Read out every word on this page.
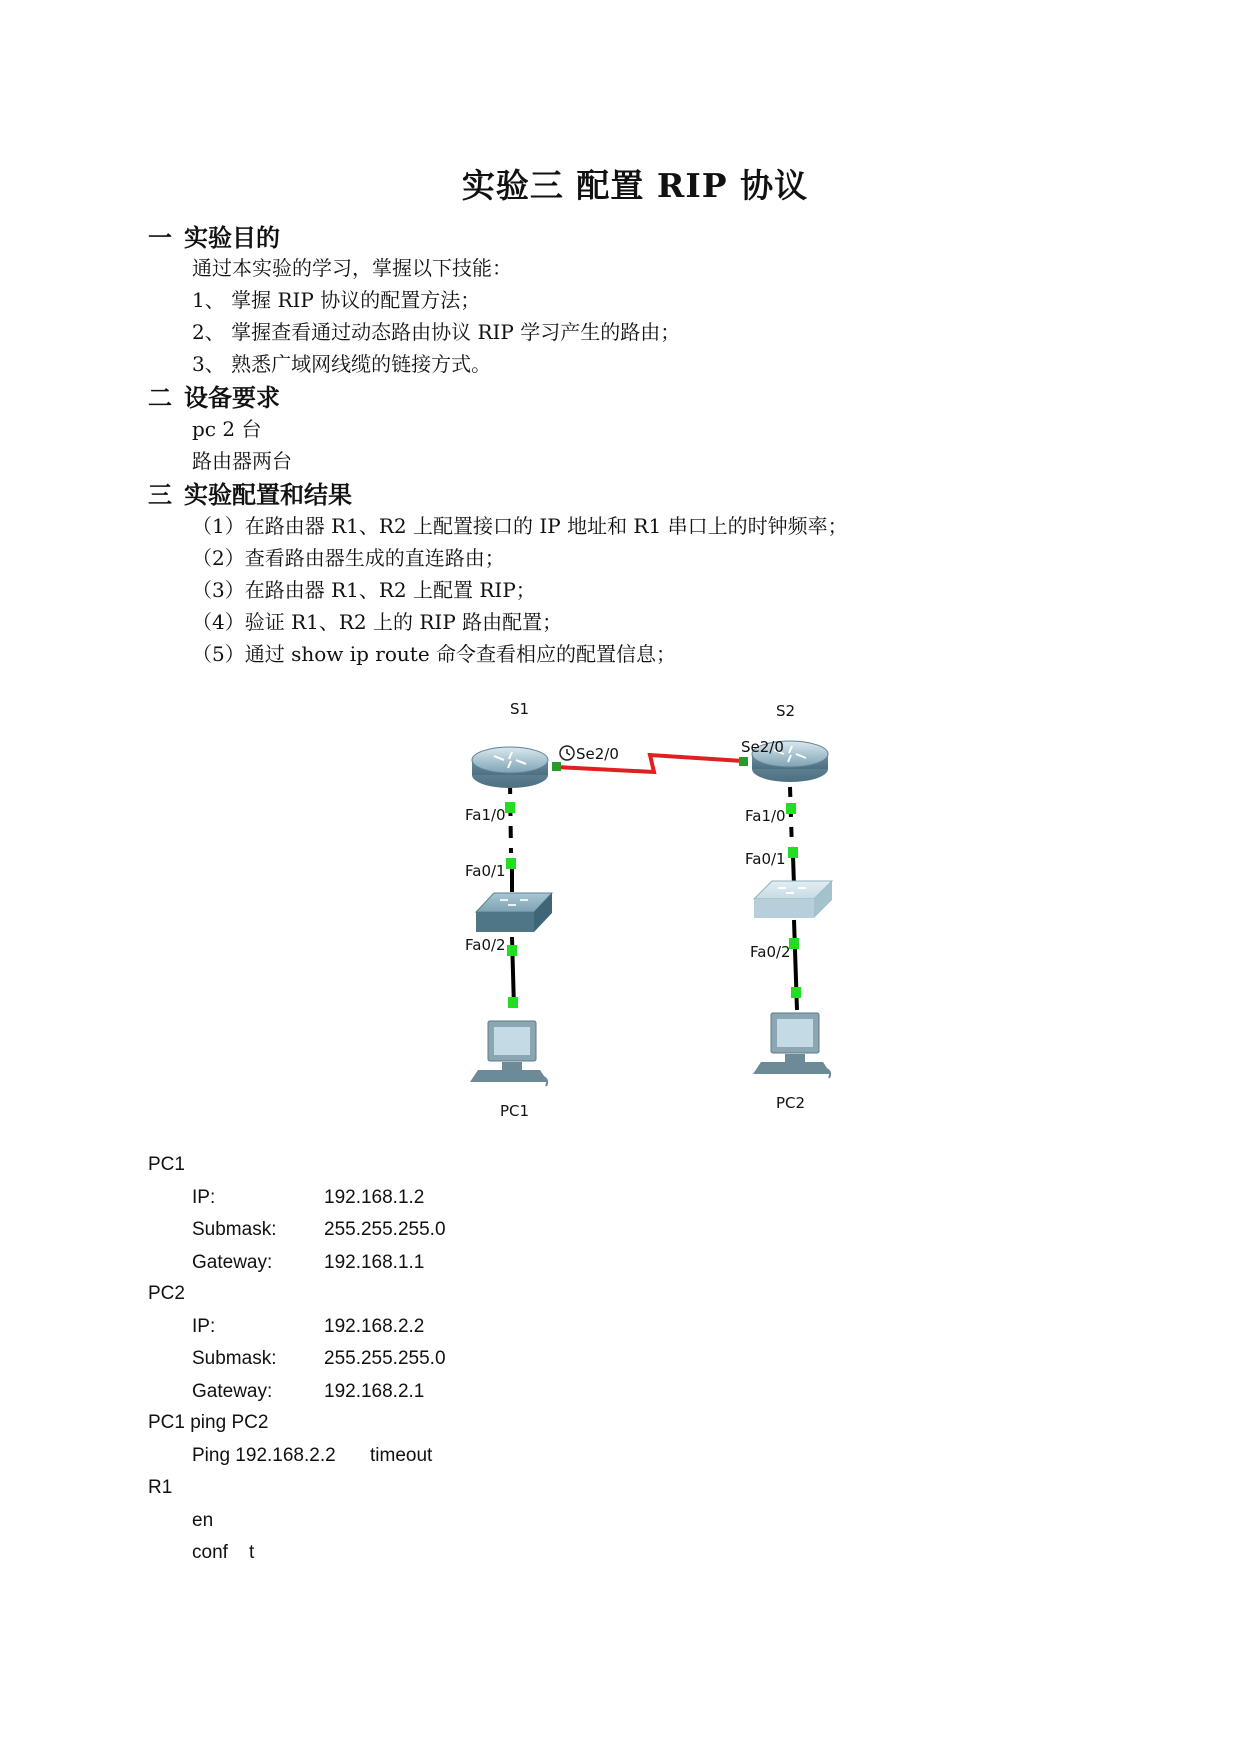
实验三 配置 RIP 协议
一 实验目的
通过本实验的学习，掌握以下技能：
1、 掌握 RIP 协议的配置方法；
2、 掌握查看通过动态路由协议 RIP 学习产生的路由；
3、 熟悉广域网线缆的链接方式。
二 设备要求
pc 2 台
路由器两台
三 实验配置和结果
（1）在路由器 R1、R2 上配置接口的 IP 地址和 R1 串口上的时钟频率；
（2）查看路由器生成的直连路由；
（3）在路由器 R1、R2 上配置 RIP；
（4）验证 R1、R2 上的 RIP 路由配置；
（5）通过 show ip route 命令查看相应的配置信息；
S1	S2
Se2/0	Se2/0
Fa1/0
Fa0/1
Fa0/2
Fa1/0
Fa0/1
Fa0/2
PC1	PC2
PC1
IP:	192.168.1.2
Submask:	255.255.255.0
Gateway:	192.168.1.1
PC2
IP:	192.168.2.2
Submask:	255.255.255.0
Gateway:	192.168.2.1
PC1 ping PC2
Ping 192.168.2.2 timeout
R1
en
conf    t
